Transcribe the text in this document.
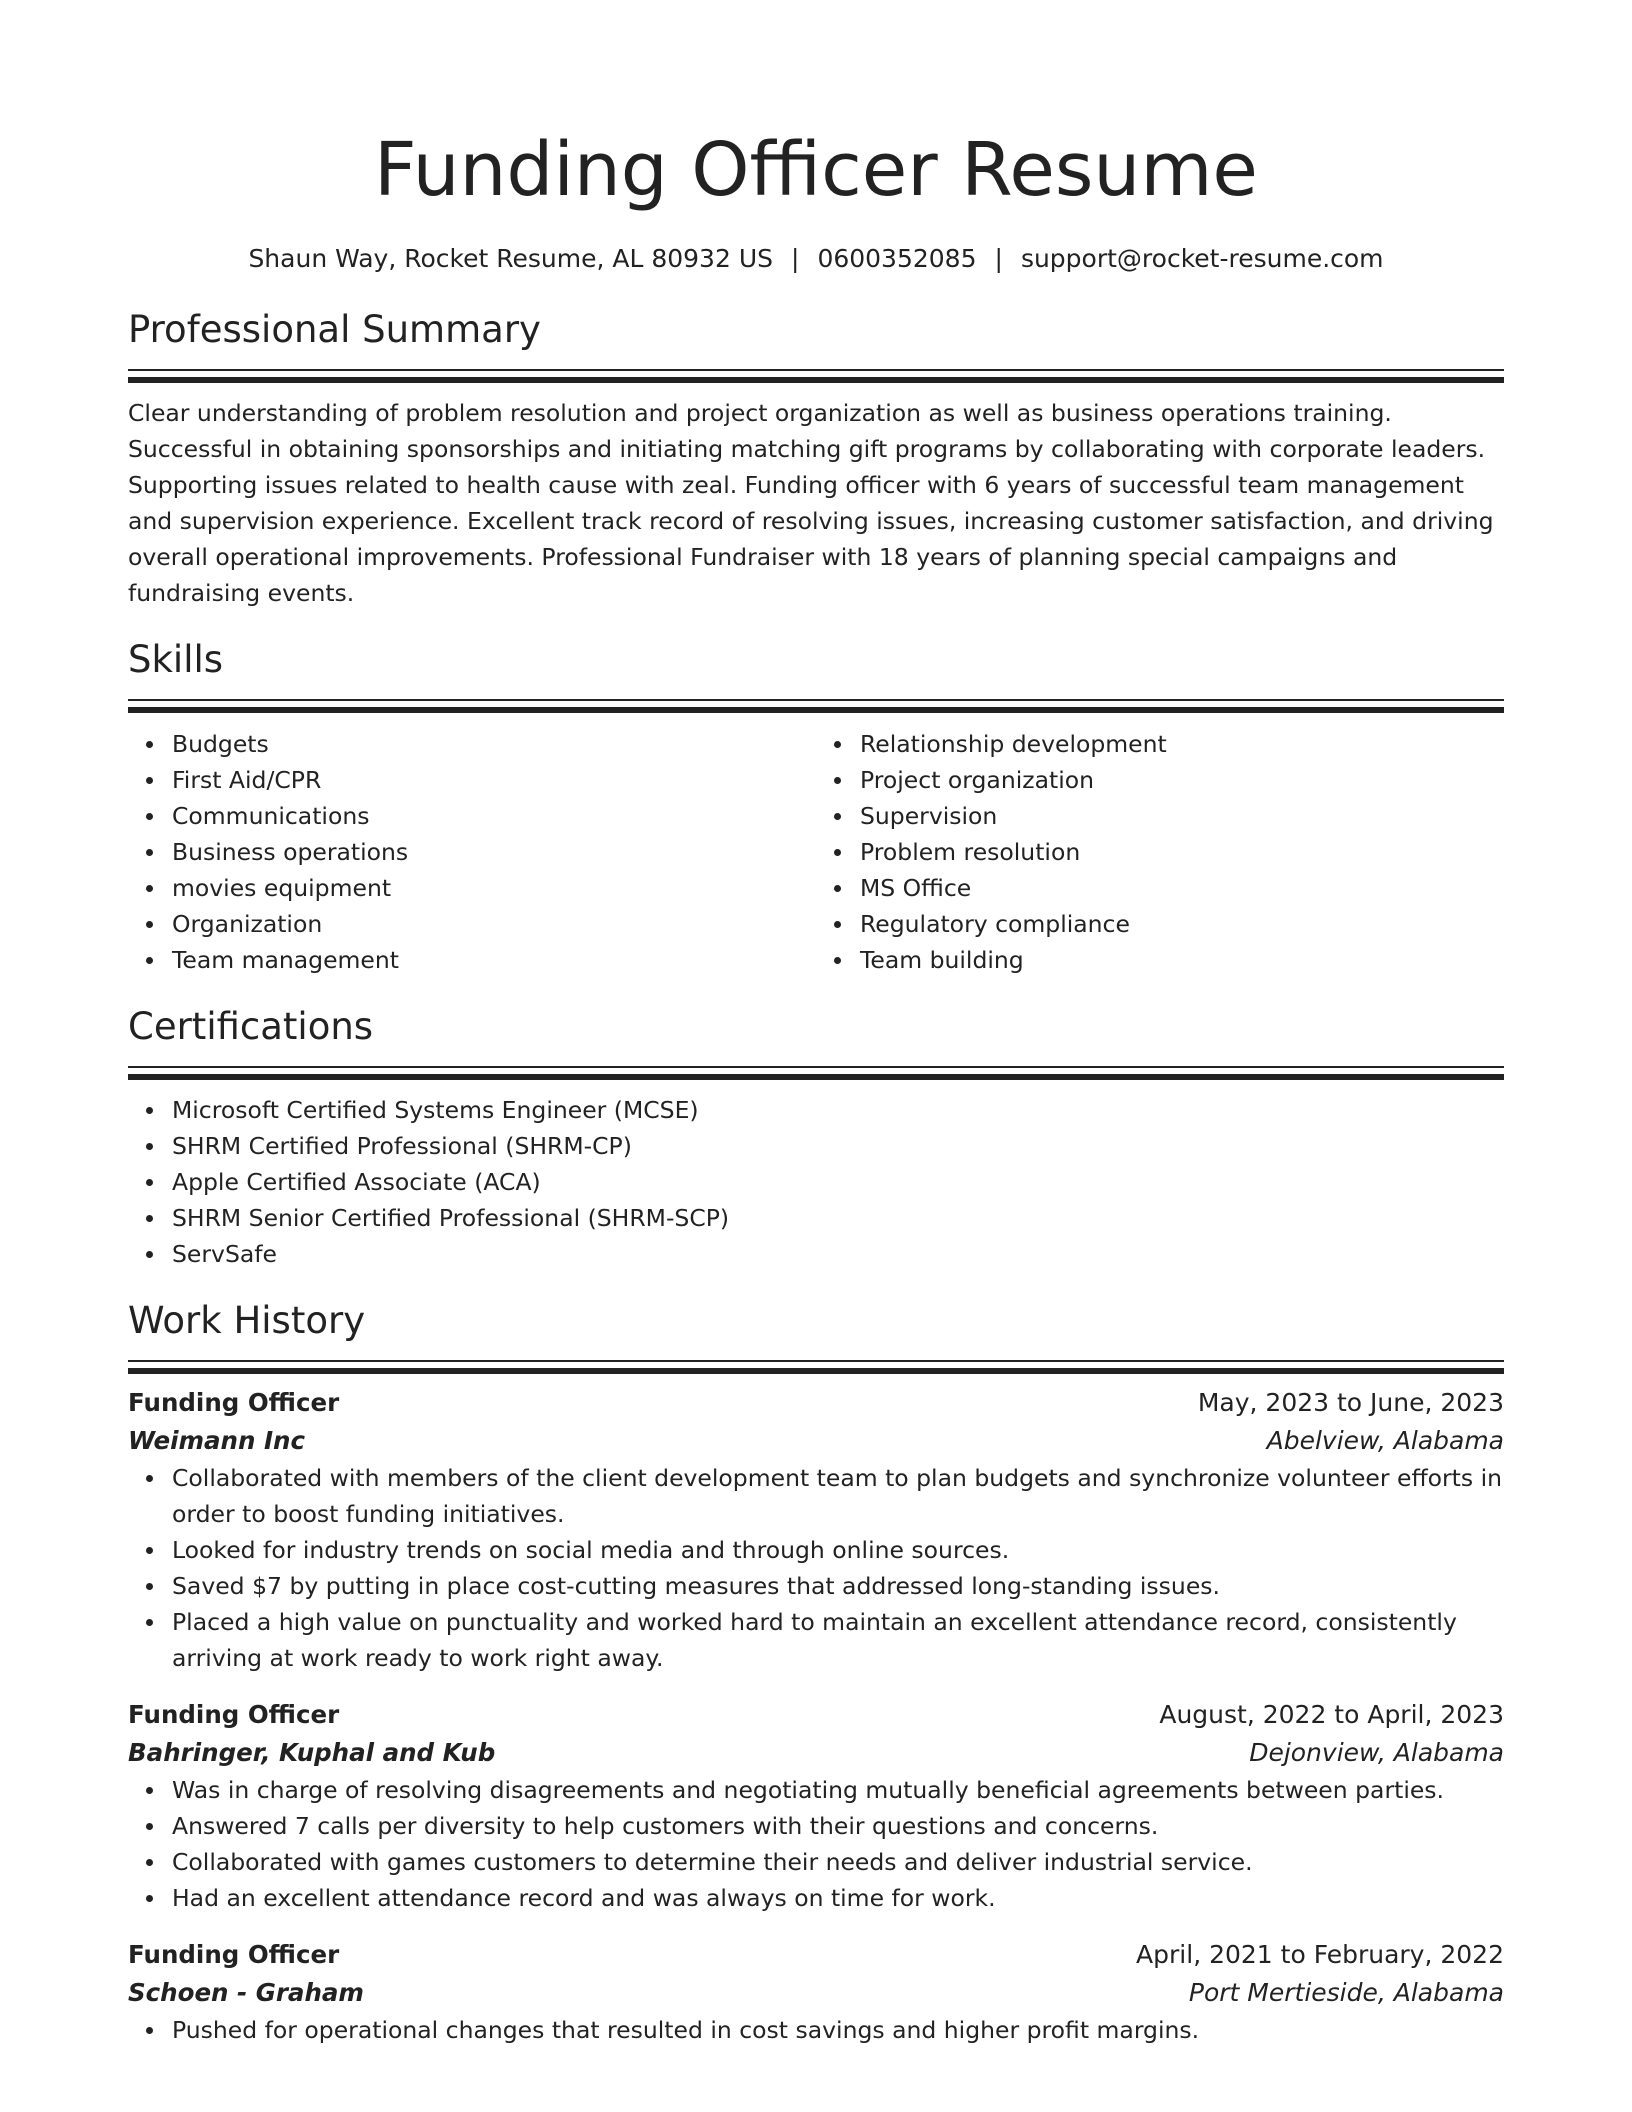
Funding Officer Resume
Shaun Way, Rocket Resume, AL 80932 US | 0600352085 | support@rocket-resume.com
Professional Summary
Clear understanding of problem resolution and project organization as well as business operations training. Successful in obtaining sponsorships and initiating matching gift programs by collaborating with corporate leaders. Supporting issues related to health cause with zeal. Funding officer with 6 years of successful team management and supervision experience. Excellent track record of resolving issues, increasing customer satisfaction, and driving overall operational improvements. Professional Fundraiser with 18 years of planning special campaigns and fundraising events.
Skills
Budgets
First Aid/CPR
Communications
Business operations
movies equipment
Organization
Team management
Relationship development
Project organization
Supervision
Problem resolution
MS Office
Regulatory compliance
Team building
Certifications
Microsoft Certified Systems Engineer (MCSE)
SHRM Certified Professional (SHRM-CP)
Apple Certified Associate (ACA)
SHRM Senior Certified Professional (SHRM-SCP)
ServSafe
Work History
Funding Officer	May, 2023 to June, 2023
Weimann Inc	Abelview, Alabama
Collaborated with members of the client development team to plan budgets and synchronize volunteer efforts in order to boost funding initiatives.
Looked for industry trends on social media and through online sources.
Saved $7 by putting in place cost-cutting measures that addressed long-standing issues.
Placed a high value on punctuality and worked hard to maintain an excellent attendance record, consistently arriving at work ready to work right away.
Funding Officer	August, 2022 to April, 2023
Bahringer, Kuphal and Kub	Dejonview, Alabama
Was in charge of resolving disagreements and negotiating mutually beneficial agreements between parties.
Answered 7 calls per diversity to help customers with their questions and concerns.
Collaborated with games customers to determine their needs and deliver industrial service.
Had an excellent attendance record and was always on time for work.
Funding Officer	April, 2021 to February, 2022
Schoen - Graham	Port Mertieside, Alabama
Pushed for operational changes that resulted in cost savings and higher profit margins.
